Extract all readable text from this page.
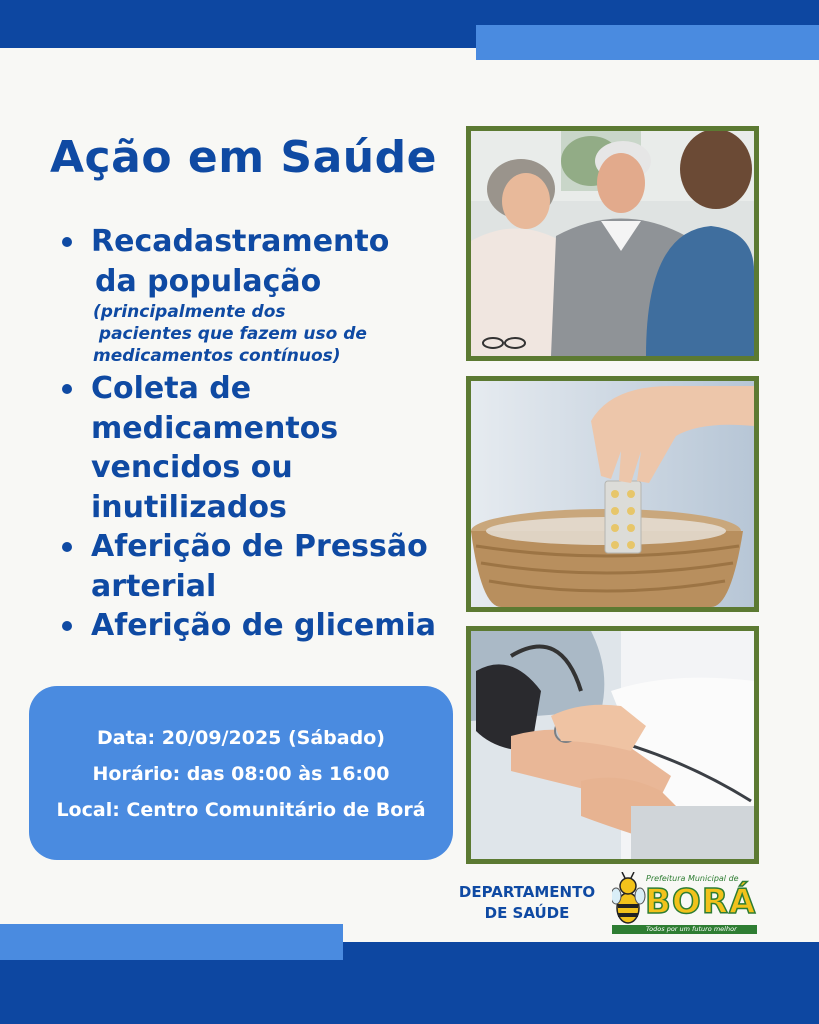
Ação em Saúde
Recadastramento
da população
(principalmente dos
pacientes que fazem uso de
medicamentos contínuos)
Coleta de
medicamentos
vencidos ou
inutilizados
Aferição de Pressão
arterial
Aferição de glicemia
Data: 20/09/2025 (Sábado)
Horário: das 08:00 às 16:00
Local: Centro Comunitário de Borá
DEPARTAMENTO
DE SAÚDE
Prefeitura Municipal de
BORÁ
Todos por um futuro melhor
